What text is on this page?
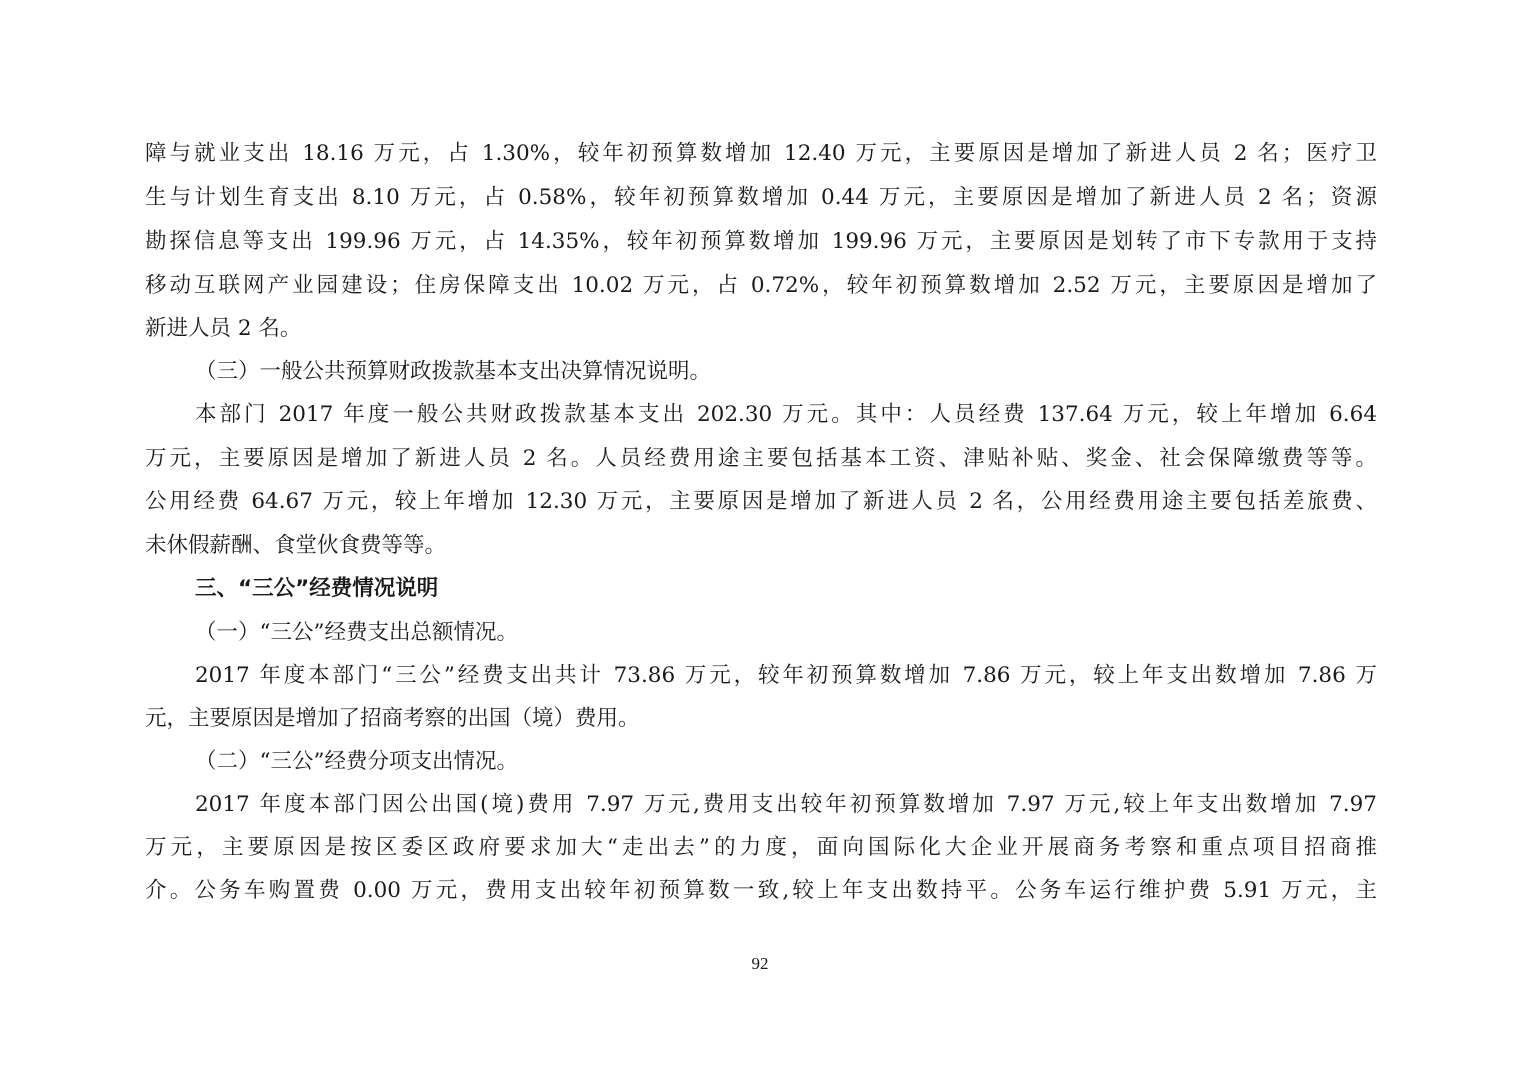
障与就业支出 18.16 万元，占 1.30%，较年初预算数增加 12.40 万元，主要原因是增加了新进人员 2 名；医疗卫
生与计划生育支出 8.10 万元，占 0.58%，较年初预算数增加 0.44 万元，主要原因是增加了新进人员 2 名；资源
勘探信息等支出 199.96 万元，占 14.35%，较年初预算数增加 199.96 万元，主要原因是划转了市下专款用于支持
移动互联网产业园建设；住房保障支出 10.02 万元，占 0.72%，较年初预算数增加 2.52 万元，主要原因是增加了
新进人员 2 名。
（三）一般公共预算财政拨款基本支出决算情况说明。
本部门 2017 年度一般公共财政拨款基本支出 202.30 万元。其中：人员经费 137.64 万元，较上年增加 6.64
万元，主要原因是增加了新进人员 2 名。人员经费用途主要包括基本工资、津贴补贴、奖金、社会保障缴费等等。
公用经费 64.67 万元，较上年增加 12.30 万元，主要原因是增加了新进人员 2 名，公用经费用途主要包括差旅费、
未休假薪酬、食堂伙食费等等。
三、“三公”经费情况说明
（一）“三公”经费支出总额情况。
2017 年度本部门“三公”经费支出共计 73.86 万元，较年初预算数增加 7.86 万元，较上年支出数增加 7.86 万
元，主要原因是增加了招商考察的出国（境）费用。
（二）“三公”经费分项支出情况。
2017 年度本部门因公出国(境)费用 7.97 万元,费用支出较年初预算数增加 7.97 万元,较上年支出数增加 7.97
万元，主要原因是按区委区政府要求加大“走出去”的力度，面向国际化大企业开展商务考察和重点项目招商推
介。公务车购置费 0.00 万元，费用支出较年初预算数一致,较上年支出数持平。公务车运行维护费 5.91 万元，主
92
